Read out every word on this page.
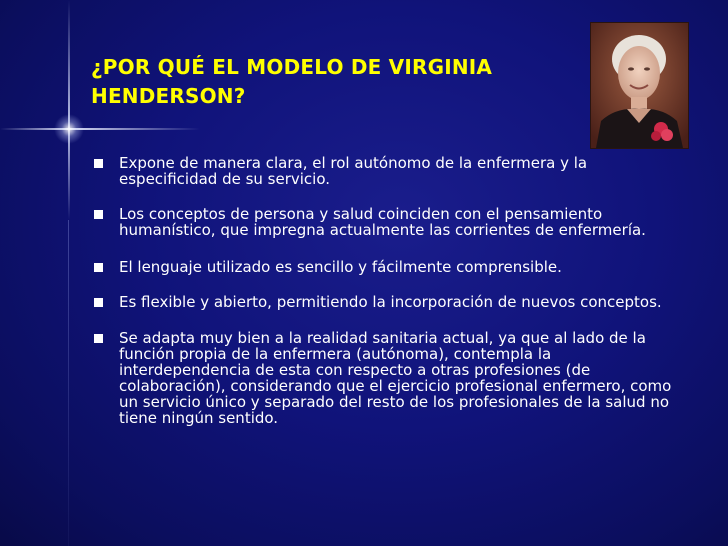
¿POR QUÉ EL MODELO DE VIRGINIA HENDERSON?
Expone de manera clara, el rol autónomo de la enfermera y la especificidad de su servicio.
Los conceptos de persona y salud coinciden con el pensamiento humanístico, que impregna actualmente las corrientes de enfermería.
El lenguaje utilizado es sencillo y fácilmente comprensible.
Es flexible y abierto, permitiendo la incorporación de nuevos conceptos.
Se adapta muy bien a la realidad sanitaria actual, ya que al lado de la función propia de la enfermera (autónoma), contempla la interdependencia de esta con respecto a otras profesiones (de colaboración), considerando que el ejercicio profesional enfermero, como un servicio único y separado del resto de los profesionales de la salud no tiene ningún sentido.
